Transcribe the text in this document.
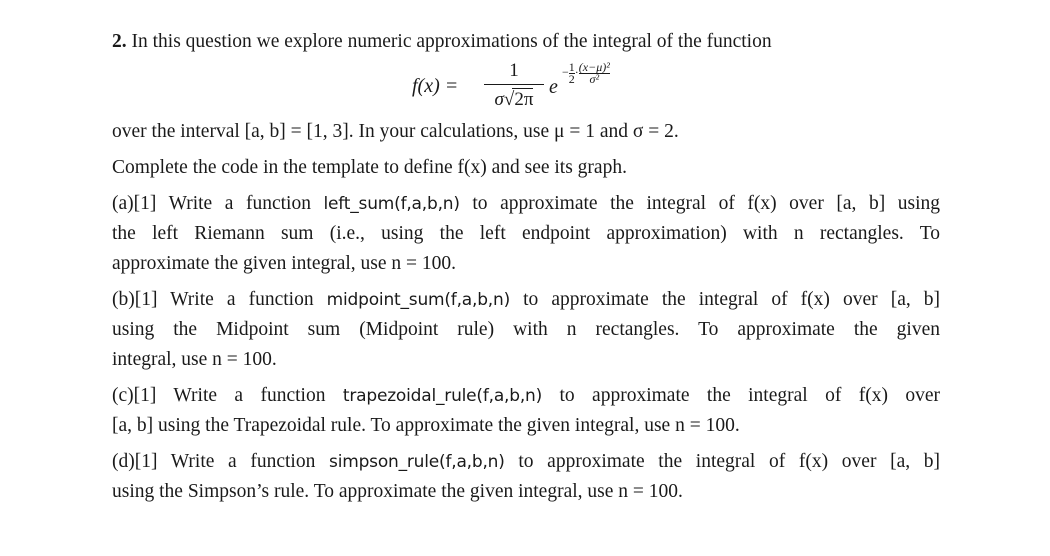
2. In this question we explore numeric approximations of the integral of the function
f(x) =
1
σ√2π
e
$-\frac{1}{2}\cdot\frac{\text{(x−μ)²}}{\text{σ²}}$
over the interval [a, b] = [1, 3]. In your calculations, use μ = 1 and σ = 2.
Complete the code in the template to define f(x) and see its graph.
(a)[1] Write a function left_sum(f,a,b,n) to approximate the integral of f(x) over [a, b] using
the left Riemann sum (i.e., using the left endpoint approximation) with n rectangles. To
approximate the given integral, use n = 100.
(b)[1] Write a function midpoint_sum(f,a,b,n) to approximate the integral of f(x) over [a, b]
using the Midpoint sum (Midpoint rule) with n rectangles. To approximate the given
integral, use n = 100.
(c)[1] Write a function trapezoidal_rule(f,a,b,n) to approximate the integral of f(x) over
[a, b] using the Trapezoidal rule. To approximate the given integral, use n = 100.
(d)[1] Write a function simpson_rule(f,a,b,n) to approximate the integral of f(x) over [a, b]
using the Simpson’s rule. To approximate the given integral, use n = 100.
